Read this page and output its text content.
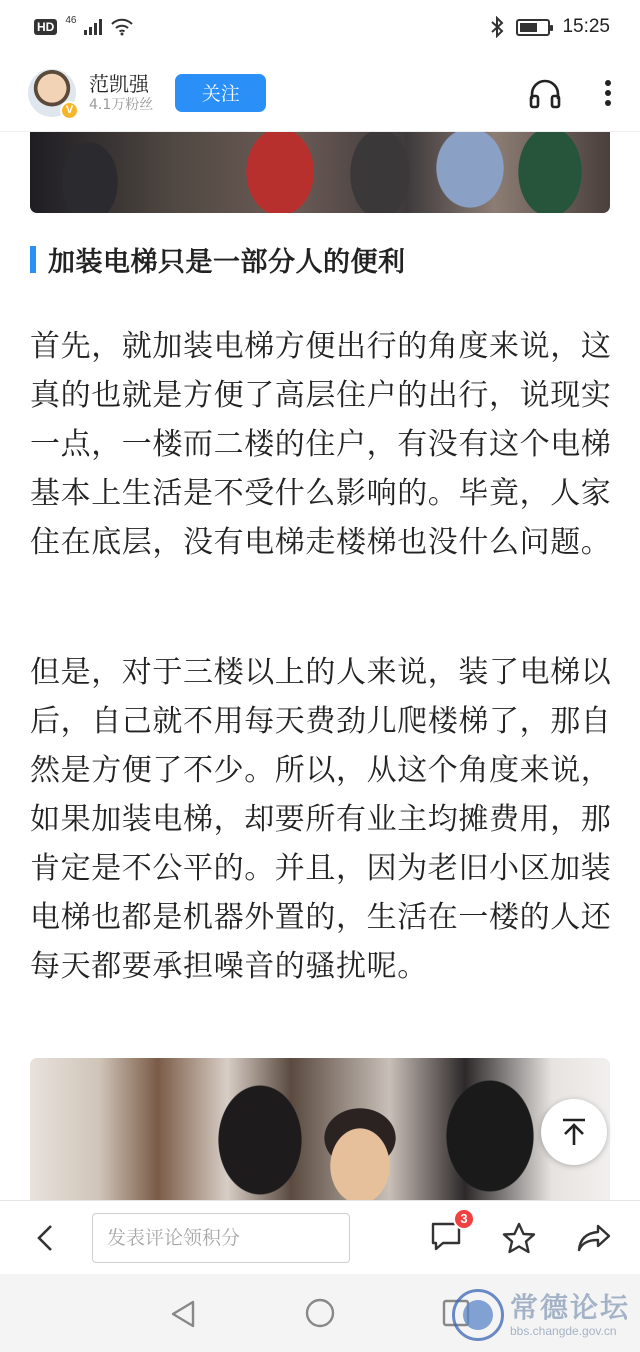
HD	46	15:25
V
范凯强
4.1万粉丝	关注
加装电梯只是一部分人的便利

首先，就加装电梯方便出行的角度来说，这真的也就是方便了高层住户的出行，说现实一点，一楼而二楼的住户，有没有这个电梯基本上生活是不受什么影响的。毕竟，人家住在底层，没有电梯走楼梯也没什么问题。

但是，对于三楼以上的人来说，装了电梯以后，自己就不用每天费劲儿爬楼梯了，那自然是方便了不少。所以，从这个角度来说，如果加装电梯，却要所有业主均摊费用，那肯定是不公平的。并且，因为老旧小区加装电梯也都是机器外置的，生活在一楼的人还每天都要承担噪音的骚扰呢。

发表评论领积分
3
常德论坛
bbs.changde.gov.cn
